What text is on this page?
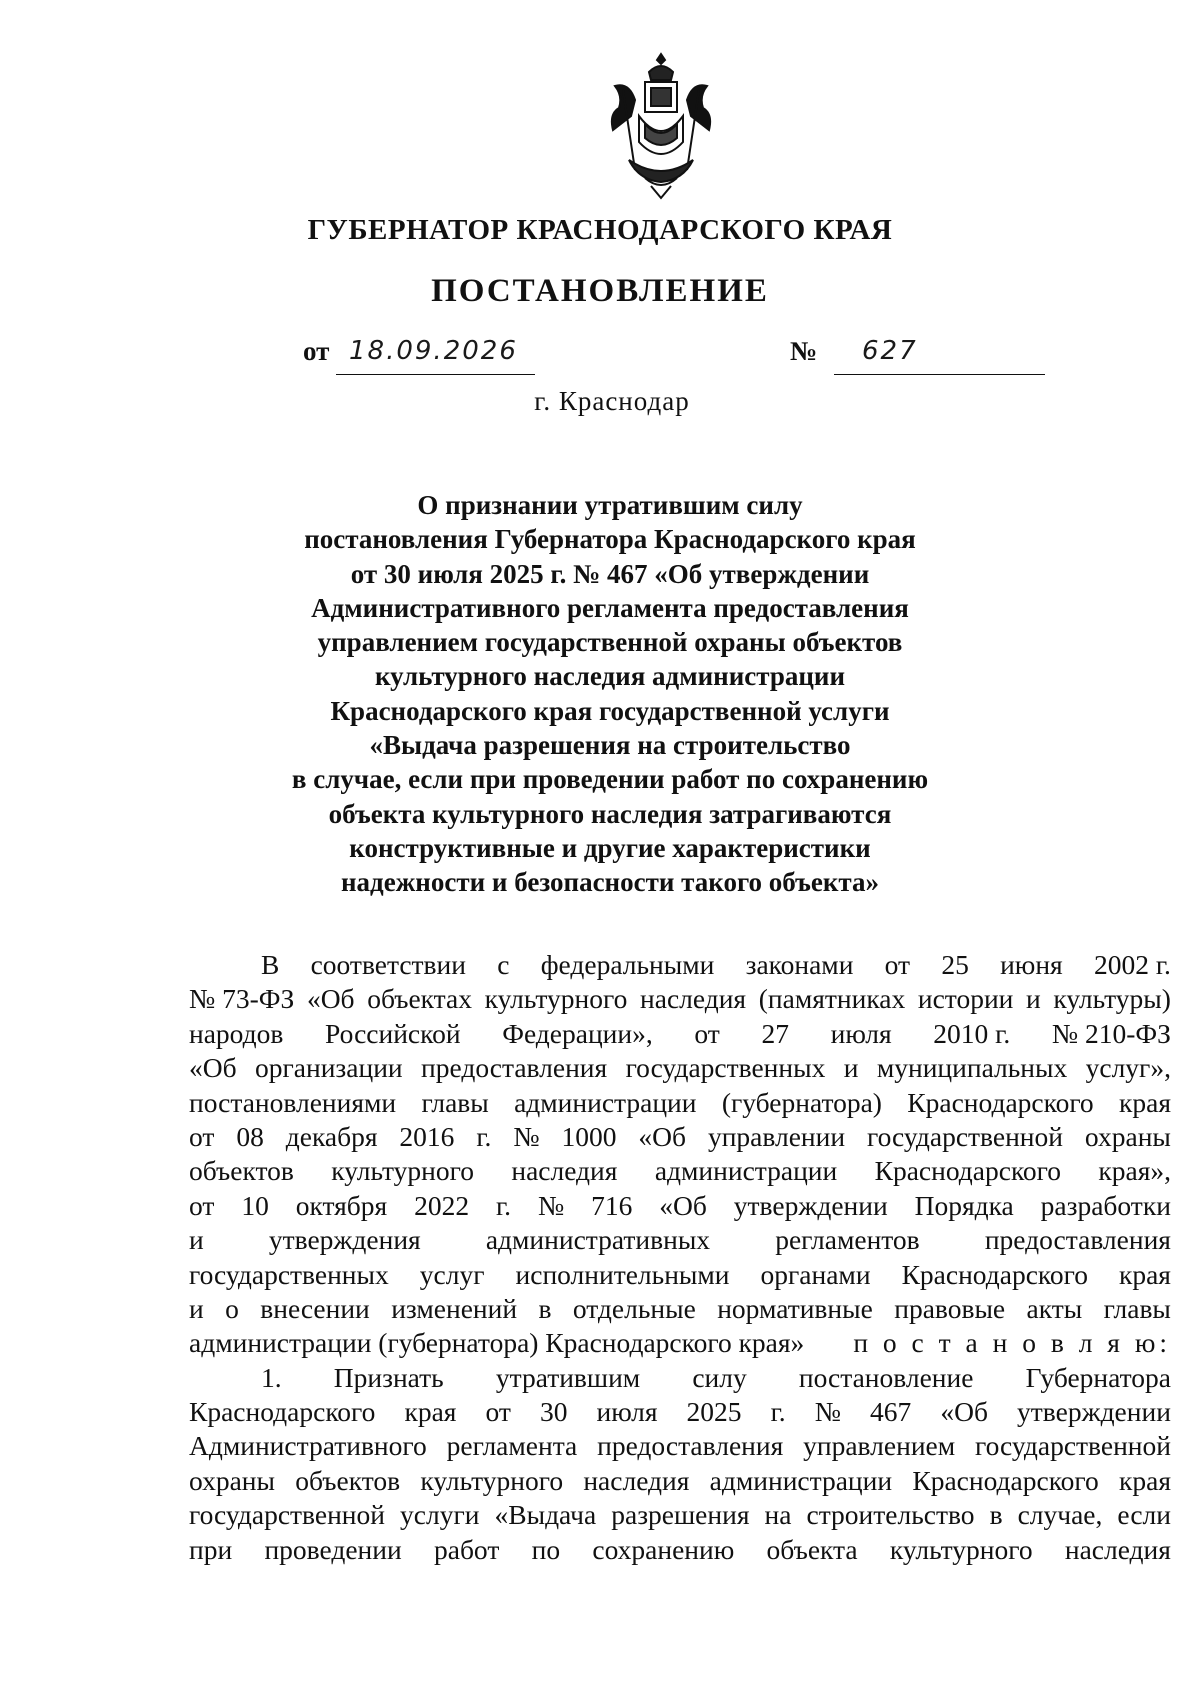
ГУБЕРНАТОР КРАСНОДАРСКОГО КРАЯ
ПОСТАНОВЛЕНИЕ
от 18.09.2026	№ 627
г. Краснодар
О признании утратившим силу
постановления Губернатора Краснодарского края
от 30 июля 2025 г. № 467 «Об утверждении
Административного регламента предоставления
управлением государственной охраны объектов
культурного наследия администрации
Краснодарского края государственной услуги
«Выдача разрешения на строительство
в случае, если при проведении работ по сохранению
объекта культурного наследия затрагиваются
конструктивные и другие характеристики
надежности и безопасности такого объекта»
В соответствии с федеральными законами от 25 июня 2002 г.
№ 73-ФЗ «Об объектах культурного наследия (памятниках истории и культуры)
народов Российской Федерации», от 27 июля 2010 г. № 210-ФЗ
«Об организации предоставления государственных и муниципальных услуг»,
постановлениями главы администрации (губернатора) Краснодарского края
от 08 декабря 2016 г. № 1000 «Об управлении государственной охраны
объектов культурного наследия администрации Краснодарского края»,
от 10 октября 2022 г. № 716 «Об утверждении Порядка разработки
и утверждения административных регламентов предоставления
государственных услуг исполнительными органами Краснодарского края
и о внесении изменений в отдельные нормативные правовые акты главы
администрации (губернатора) Краснодарского края» п о с т а н о в л я ю:
1. Признать утратившим силу постановление Губернатора
Краснодарского края от 30 июля 2025 г. № 467 «Об утверждении
Административного регламента предоставления управлением государственной
охраны объектов культурного наследия администрации Краснодарского края
государственной услуги «Выдача разрешения на строительство в случае, если
при проведении работ по сохранению объекта культурного наследия
